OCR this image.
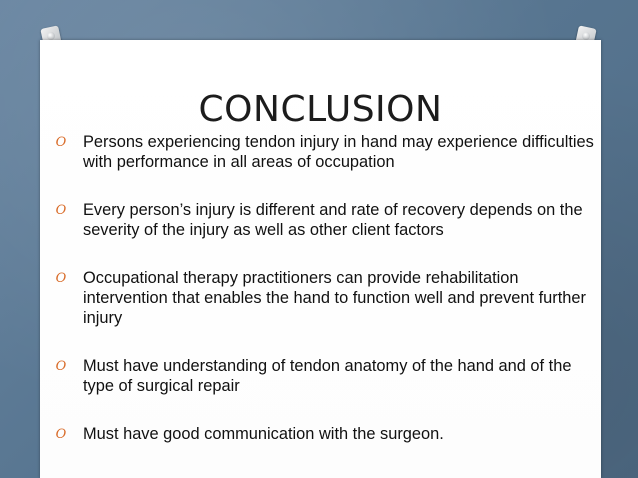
CONCLUSION
O Persons experiencing tendon injury in hand may experience difficulties with performance in all areas of occupation
O Every person’s injury is different and rate of recovery depends on the severity of the injury as well as other client factors
O Occupational therapy practitioners can provide rehabilitation intervention that enables the hand to function well and prevent further injury
O Must have understanding of tendon anatomy of the hand and of the type of surgical repair
O Must have good communication with the surgeon.
